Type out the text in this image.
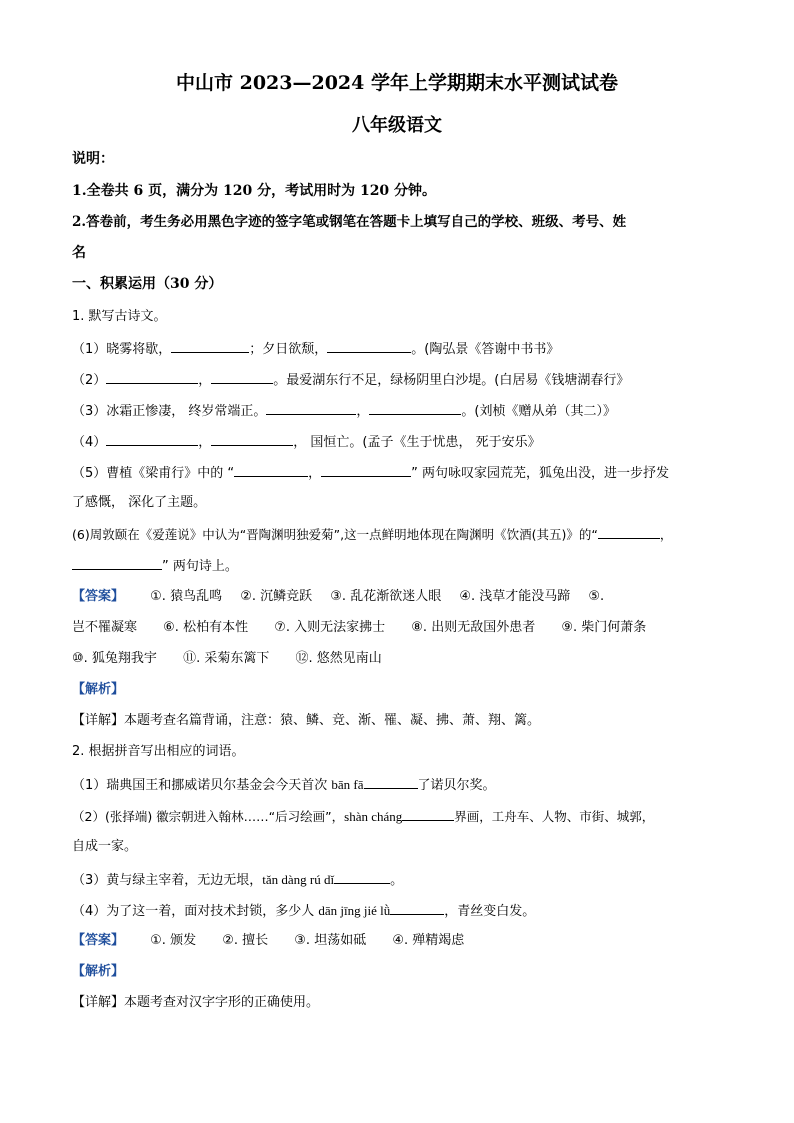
中山市 2023—2024 学年上学期期末水平测试试卷
八年级语文
说明：
1.全卷共 6 页，满分为 120 分，考试用时为 120 分钟。
2.答卷前，考生务必用黑色字迹的签字笔或钢笔在答题卡上填写自己的学校、班级、考号、姓
名
一、积累运用（30 分）
1. 默写古诗文。
（1）晓雾将歇，	；夕日欲颓，	。(陶弘景《答谢中书书》
（2）	，	。最爱湖东行不足，绿杨阴里白沙堤。(白居易《钱塘湖春行》
（3）冰霜正惨凄， 终岁常端正。	，	。(刘桢《赠从弟（其二）》
（4）	，	， 国恒亡。(孟子《生于忧患， 死于安乐》
（5）曹植《梁甫行》中的 “	，	” 两句咏叹家园荒芜，狐兔出没，进一步抒发
了感慨， 深化了主题。
(6)周敦颐在《爱莲说》中认为“晋陶渊明独爱菊”,这一点鲜明地体现在陶渊明《饮酒(其五)》的“	，
” 两句诗上。
【答案】 ①. 猿鸟乱鸣 ②. 沉鳞竞跃 ③. 乱花渐欲迷人眼 ④. 浅草才能没马蹄 ⑤.
岂不罹凝寒 ⑥. 松柏有本性 ⑦. 入则无法家拂士 ⑧. 出则无敌国外患者 ⑨. 柴门何萧条
⑩. 狐兔翔我宇 ⑪. 采菊东篱下 ⑫. 悠然见南山
【解析】
【详解】本题考查名篇背诵，注意：猿、鳞、竞、渐、罹、凝、拂、萧、翔、篱。
2. 根据拼音写出相应的词语。
（1）瑞典国王和挪威诺贝尔基金会今天首次 bān fā	了诺贝尔奖。
（2）(张择端) 徽宗朝进入翰林……“后习绘画”，shàn cháng	界画，工舟车、人物、市街、城郭，
自成一家。
（3）黄与绿主宰着，无边无垠，tǎn dàng rú dǐ	。
（4）为了这一着，面对技术封锁，多少人 dān jīng jié lǜ	，青丝变白发。
【答案】 ①. 颁发 ②. 擅长 ③. 坦荡如砥 ④. 殚精竭虑
【解析】
【详解】本题考查对汉字字形的正确使用。
